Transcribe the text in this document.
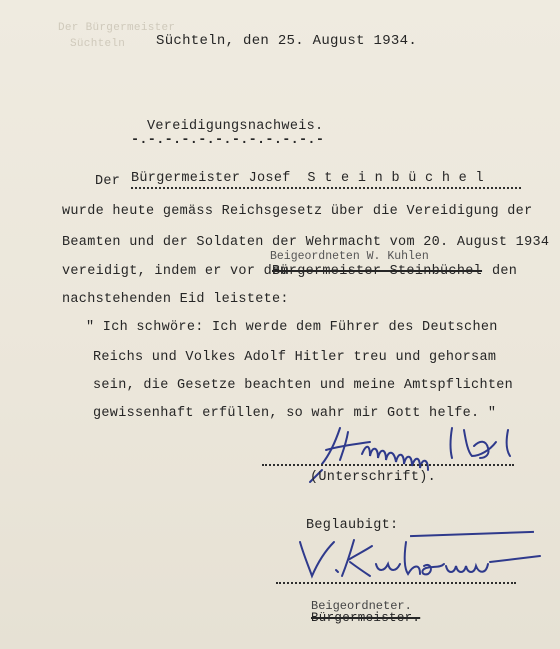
Der Bürgermeister
Süchteln Süchteln, den 25. August 1934.
Vereidigungsnachweis.
-.-.-.-.-.-.-.-.-.-.-.-
Der Bürgermeister Josef  S t e i n b ü c h e l
wurde heute gemäss Reichsgesetz über die Vereidigung der
Beamten und der Soldaten der Wehrmacht vom 20. August 1934
Beigeordneten W. Kuhlen
vereidigt, indem er vor dem
Bürgermeister Steinbüchel den
nachstehenden Eid leistete:
" Ich schwöre: Ich werde dem Führer des Deutschen
Reichs und Volkes Adolf Hitler treu und gehorsam
sein, die Gesetze beachten und meine Amtspflichten
gewissenhaft erfüllen, so wahr mir Gott helfe. "
(Unterschrift).
Beglaubigt:
Beigeordneter.
Bürgermeister.
